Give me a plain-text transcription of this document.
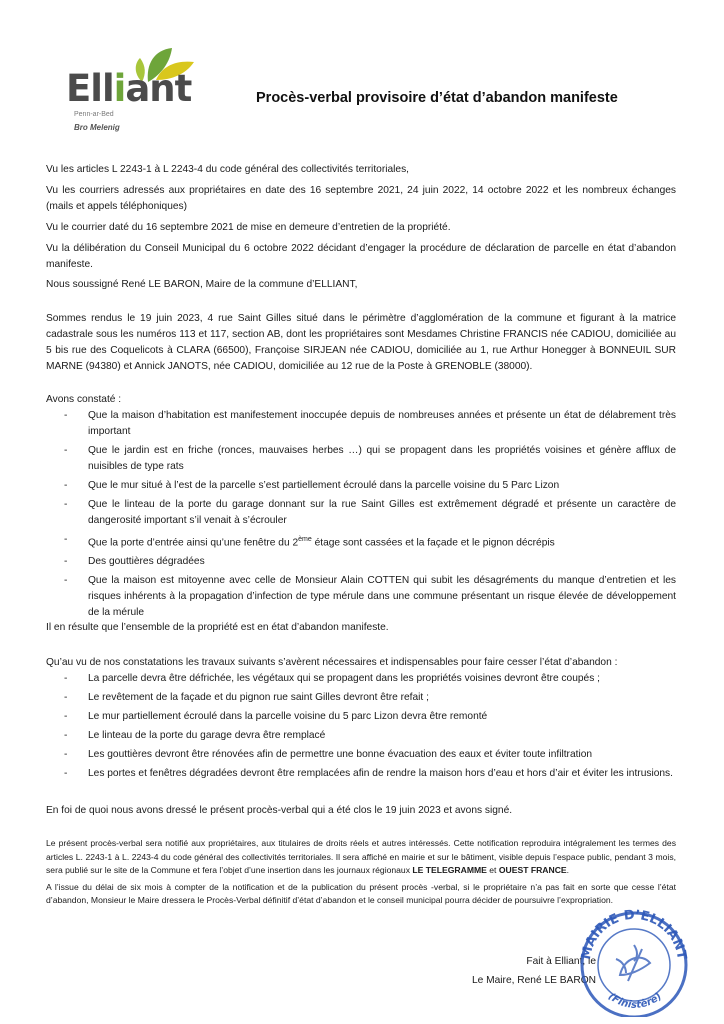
Elliant
Penn-ar-Bed
Bro Melenig
Procès-verbal provisoire d’état d’abandon manifeste

Vu les articles L 2243-1 à L 2243-4 du code général des collectivités territoriales,

Vu les courriers adressés aux propriétaires en date des 16 septembre 2021, 24 juin 2022, 14 octobre 2022 et les nombreux échanges (mails et appels téléphoniques)

Vu le courrier daté du 16 septembre 2021 de mise en demeure d’entretien de la propriété.

Vu la délibération du Conseil Municipal du 6 octobre 2022 décidant d’engager la procédure de déclaration de parcelle en état d’abandon manifeste.

Nous soussigné René LE BARON, Maire de la commune d’ELLIANT,
Sommes rendus le 19 juin 2023, 4 rue Saint Gilles situé dans le périmètre d’agglomération de la commune et figurant à la matrice cadastrale sous les numéros 113 et 117, section AB, dont les propriétaires sont Mesdames Christine FRANCIS née CADIOU, domiciliée au 5 bis rue des Coquelicots à CLARA (66500), Françoise SIRJEAN née CADIOU, domiciliée au 1, rue Arthur Honegger à BONNEUIL SUR MARNE (94380) et Annick JANOTS, née CADIOU, domiciliée au 12 rue de la Poste à GRENOBLE (38000).
Avons constaté :
- Que la maison d’habitation est manifestement inoccupée depuis de nombreuses années et présente un état de délabrement très important
- Que le jardin est en friche (ronces, mauvaises herbes …) qui se propagent dans les propriétés voisines et génère afflux de nuisibles de type rats
- Que le mur situé à l’est de la parcelle s’est partiellement écroulé dans la parcelle voisine du 5 Parc Lizon
- Que le linteau de la porte du garage donnant sur la rue Saint Gilles est extrêmement dégradé et présente un caractère de dangerosité important s’il venait à s’écrouler
- Que la porte d’entrée ainsi qu’une fenêtre du 2ème étage sont cassées et la façade et le pignon décrépis
- Des gouttières dégradées
- Que la maison est mitoyenne avec celle de Monsieur Alain COTTEN qui subit les désagréments du manque d’entretien et les risques inhérents à la propagation d’infection de type mérule dans une commune présentant un risque élevée de développement de la mérule
Il en résulte que l’ensemble de la propriété est en état d’abandon manifeste.
Qu’au vu de nos constatations les travaux suivants s’avèrent nécessaires et indispensables pour faire cesser l’état d’abandon :
- La parcelle devra être défrichée, les végétaux qui se propagent dans les propriétés voisines devront être coupés ;
- Le revêtement de la façade et du pignon rue saint Gilles devront être refait ;
- Le mur partiellement écroulé dans la parcelle voisine du 5 parc Lizon devra être remonté
- Le linteau de la porte du garage devra être remplacé
- Les gouttières devront être rénovées afin de permettre une bonne évacuation des eaux et éviter toute infiltration
- Les portes et fenêtres dégradées devront être remplacées afin de rendre la maison hors d’eau et hors d’air et éviter les intrusions.
En foi de quoi nous avons dressé le présent procès-verbal qui a été clos le 19 juin 2023 et avons signé.

Le présent procès-verbal sera notifié aux propriétaires, aux titulaires de droits réels et autres intéressés. Cette notification reproduira intégralement les termes des articles L. 2243-1 à L. 2243-4 du code général des collectivités territoriales. Il sera affiché en mairie et sur le bâtiment, visible depuis l’espace public, pendant 3 mois, sera publié sur le site de la Commune et fera l’objet d’une insertion dans les journaux régionaux LE TELEGRAMME et OUEST FRANCE.

A l’issue du délai de six mois à compter de la notification et de la publication du présent procès -verbal, si le propriétaire n’a pas fait en sorte que cesse l’état d’abandon, Monsieur le Maire dressera le Procès-Verbal définitif d’état d’abandon et le conseil municipal pourra décider de poursuivre l’expropriation.

Fait à Elliant, le
Le Maire, René LE BARON
MAIRIE D’ELLIANT
(Finistère)
